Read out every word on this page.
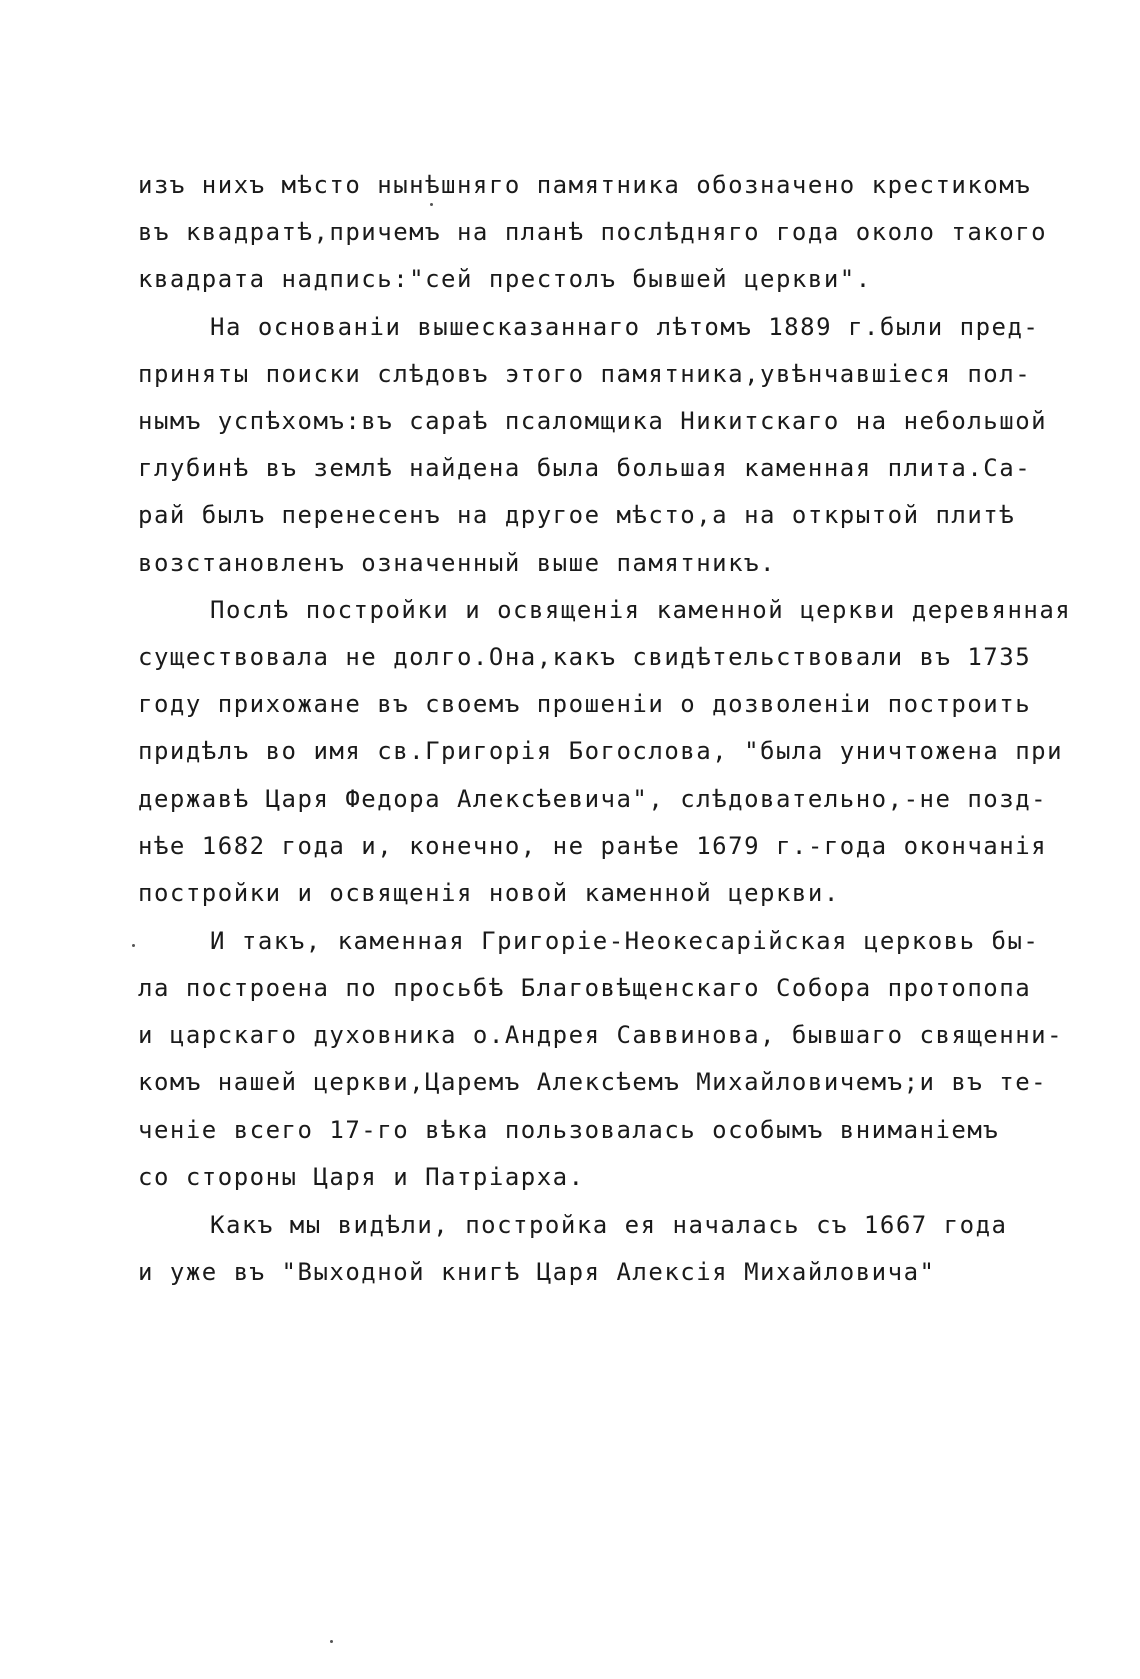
изъ нихъ мѣсто нынѣшняго памятника обозначено крестикомъ
въ квадратѣ,причемъ на планѣ послѣдняго года около такого
квадрата надпись:"сей престолъ бывшей церкви".
На основанiи вышесказаннаго лѣтомъ 1889 г.были пред-
приняты поиски слѣдовъ этого памятника,увѣнчавшiеся пол-
нымъ успѣхомъ:въ сараѣ псаломщика Никитскаго на небольшой
глубинѣ въ землѣ найдена была большая каменная плита.Са-
рай былъ перенесенъ на другое мѣсто,а на открытой плитѣ
возстановленъ означенный выше памятникъ.
Послѣ постройки и освященiя каменной церкви деревянная
существовала не долго.Она,какъ свидѣтельствовали въ 1735
году прихожане въ своемъ прошенiи о дозволенiи построить
придѣлъ во имя св.Григорiя Богослова, "была уничтожена при
державѣ Царя Федора Алексѣевича", слѣдовательно,-не позд-
нѣе 1682 года и, конечно, не ранѣе 1679 г.-года окончанiя
постройки и освященiя новой каменной церкви.
И такъ, каменная Григорiе-Неокесарiйская церковь бы-
ла построена по просьбѣ Благовѣщенскаго Собора протопопа
и царскаго духовника о.Андрея Саввинова, бывшаго священни-
комъ нашей церкви,Царемъ Алексѣемъ Михайловичемъ;и въ те-
ченiе всего 17-го вѣка пользовалась особымъ вниманiемъ
со стороны Царя и Патрiарха.
Какъ мы видѣли, постройка ея началась съ 1667 года
и уже въ "Выходной книгѣ Царя Алексiя Михайловича"
